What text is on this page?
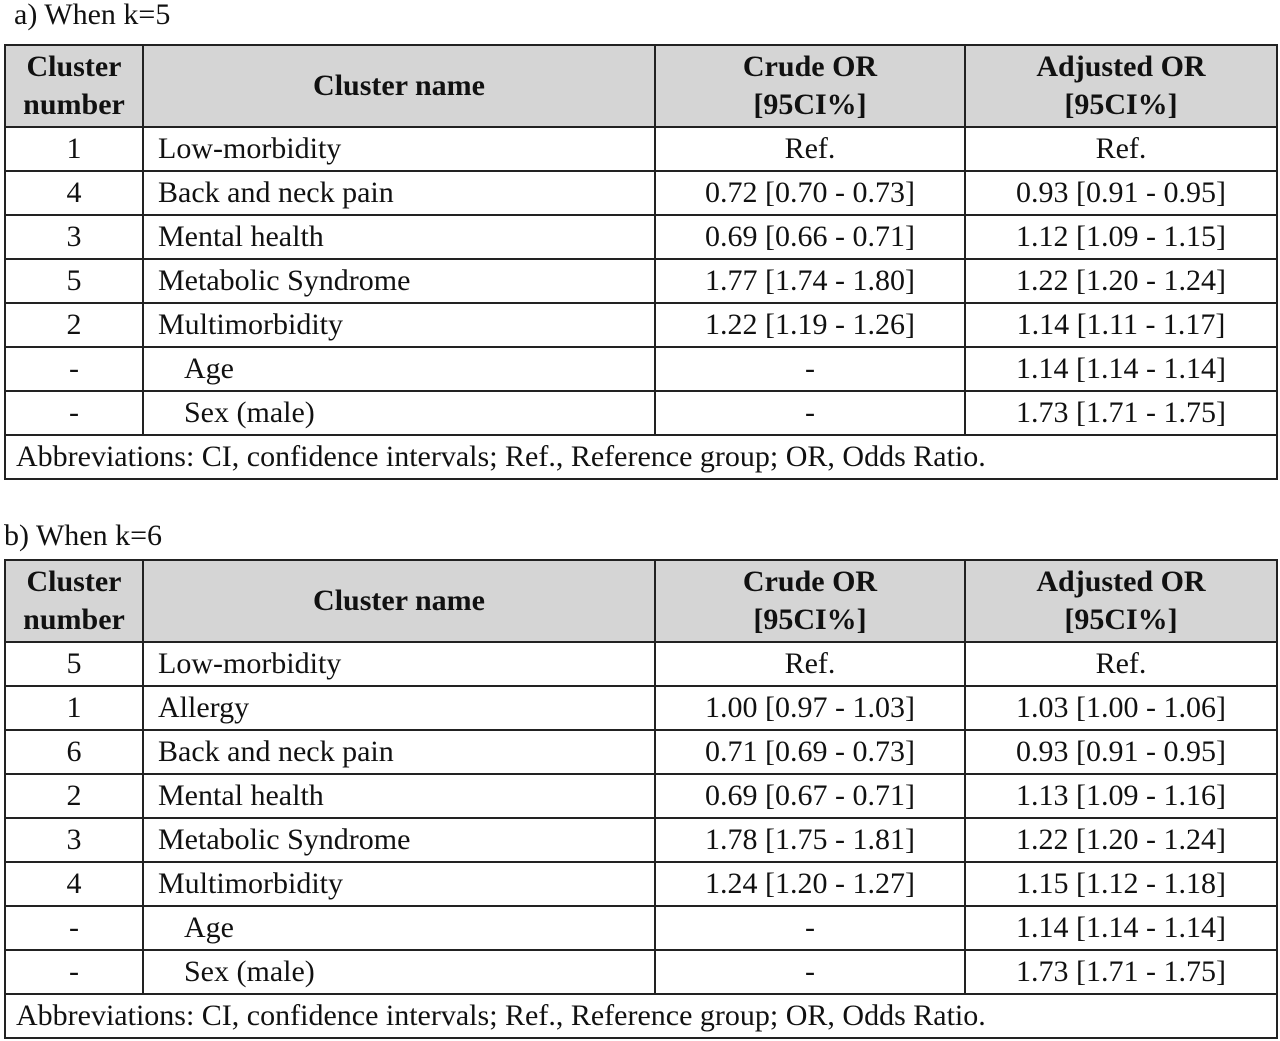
a) When k=5
Cluster number	Cluster name	Crude OR [95CI%]	Adjusted OR [95CI%]
1	Low-morbidity	Ref.	Ref.
4	Back and neck pain	0.72 [0.70 - 0.73]	0.93 [0.91 - 0.95]
3	Mental health	0.69 [0.66 - 0.71]	1.12 [1.09 - 1.15]
5	Metabolic Syndrome	1.77 [1.74 - 1.80]	1.22 [1.20 - 1.24]
2	Multimorbidity	1.22 [1.19 - 1.26]	1.14 [1.11 - 1.17]
-	Age	-	1.14 [1.14 - 1.14]
-	Sex (male)	-	1.73 [1.71 - 1.75]
Abbreviations: CI, confidence intervals; Ref., Reference group; OR, Odds Ratio.			
b) When k=6
Cluster number	Cluster name	Crude OR [95CI%]	Adjusted OR [95CI%]
5	Low-morbidity	Ref.	Ref.
1	Allergy	1.00 [0.97 - 1.03]	1.03 [1.00 - 1.06]
6	Back and neck pain	0.71 [0.69 - 0.73]	0.93 [0.91 - 0.95]
2	Mental health	0.69 [0.67 - 0.71]	1.13 [1.09 - 1.16]
3	Metabolic Syndrome	1.78 [1.75 - 1.81]	1.22 [1.20 - 1.24]
4	Multimorbidity	1.24 [1.20 - 1.27]	1.15 [1.12 - 1.18]
-	Age	-	1.14 [1.14 - 1.14]
-	Sex (male)	-	1.73 [1.71 - 1.75]
Abbreviations: CI, confidence intervals; Ref., Reference group; OR, Odds Ratio.			
